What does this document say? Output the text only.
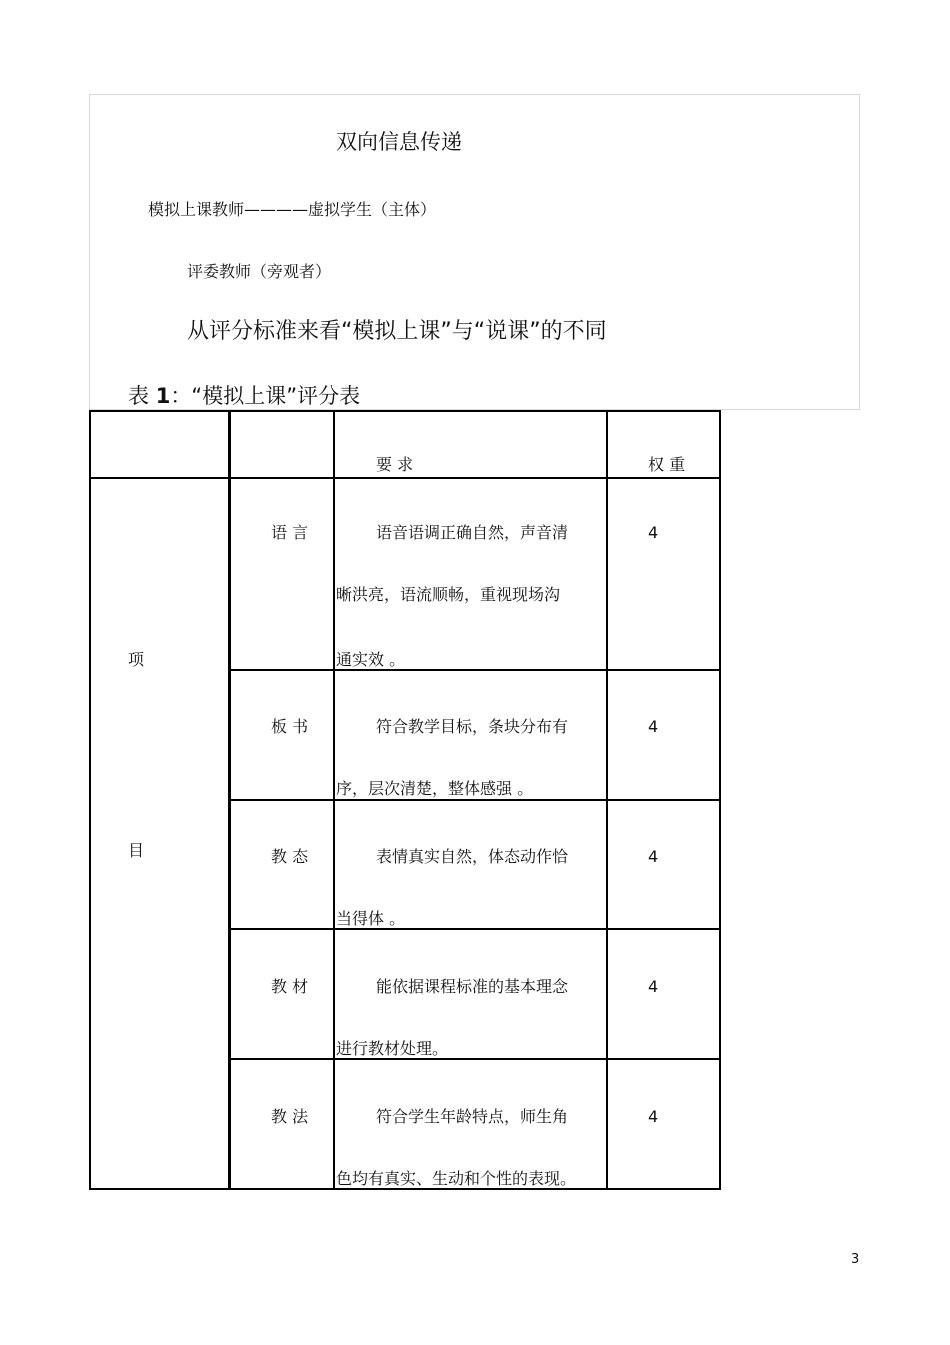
双向信息传递
模拟上课教师————虚拟学生（主体）
评委教师（旁观者）
从评分标准来看“模拟上课”与“说课”的不同
表 1：“模拟上课”评分表
要 求	权 重
项
目
语 言	语音语调正确自然，声音清
晰洪亮，语流顺畅，重视现场沟
通实效 。
4
板 书	符合教学目标，条块分布有
序，层次清楚，整体感强 。
4
教 态	表情真实自然，体态动作恰
当得体 。
4
教 材	能依据课程标准的基本理念
进行教材处理。
4
教 法	符合学生年龄特点，师生角
色均有真实、生动和个性的表现。
4
3
